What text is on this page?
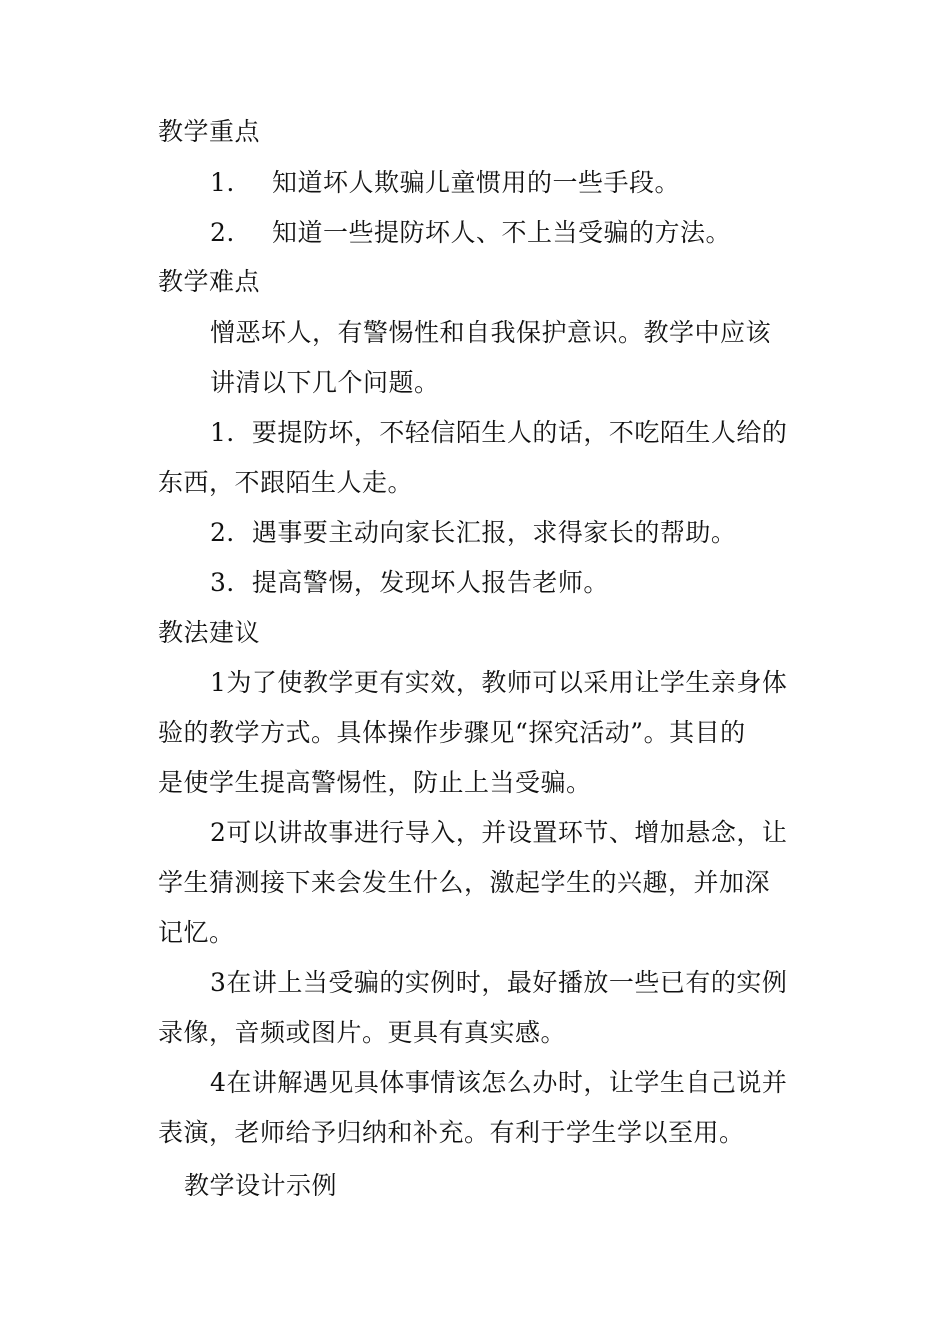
教学重点
1. 知道坏人欺骗儿童惯用的一些手段。
2. 知道一些提防坏人、不上当受骗的方法。
教学难点
憎恶坏人，有警惕性和自我保护意识。教学中应该
讲清以下几个问题。
1．要提防坏，不轻信陌生人的话，不吃陌生人给的
东西，不跟陌生人走。
2．遇事要主动向家长汇报，求得家长的帮助。
3．提高警惕，发现坏人报告老师。
教法建议
1为了使教学更有实效，教师可以采用让学生亲身体
验的教学方式。具体操作步骤见“探究活动”。其目的
是使学生提高警惕性，防止上当受骗。
2可以讲故事进行导入，并设置环节、增加悬念，让
学生猜测接下来会发生什么，激起学生的兴趣，并加深
记忆。
3在讲上当受骗的实例时，最好播放一些已有的实例
录像，音频或图片。更具有真实感。
4在讲解遇见具体事情该怎么办时，让学生自己说并
表演，老师给予归纳和补充。有利于学生学以至用。
教学设计示例
